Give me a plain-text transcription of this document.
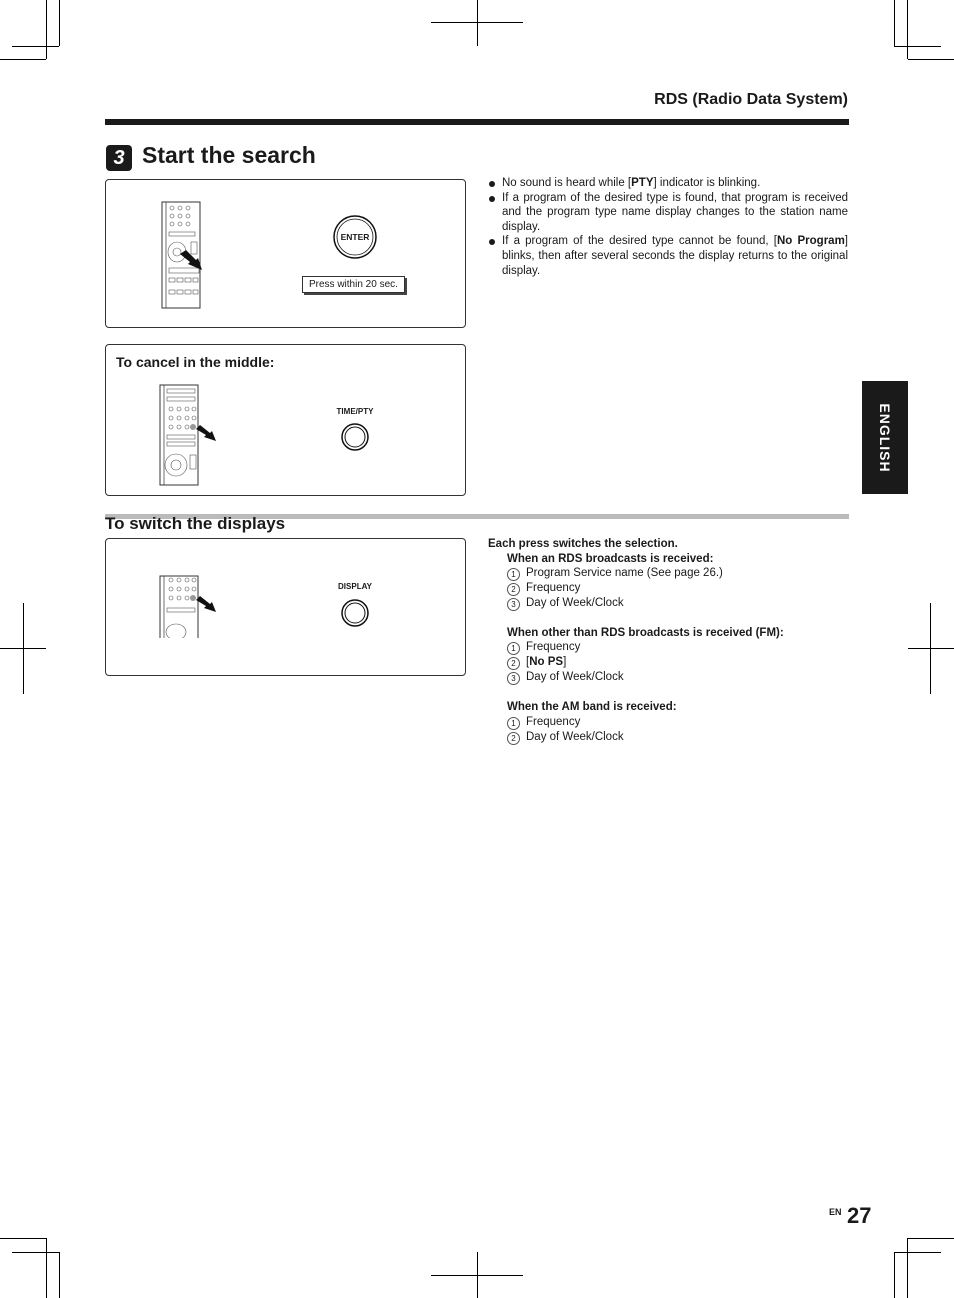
RDS (Radio Data System)
3 Start the search
ENTER
Press within 20 sec.
No sound is heard while [PTY] indicator is blinking.
If a program of the desired type is found, that program is received and the program type name display changes to the station name display.
If a program of the desired type cannot be found, [No Program] blinks, then after several seconds the display returns to the original display.
To cancel in the middle:
TIME/PTY	ENGLISH
To switch the displays
DISPLAY
Each press switches the selection.
When an RDS broadcasts is received:
1 Program Service name (See page 26.)
2 Frequency
3 Day of Week/Clock
When other than RDS broadcasts is received (FM):
1 Frequency
2 [No PS]
3 Day of Week/Clock
When the AM band is received:
1 Frequency
2 Day of Week/Clock
EN 27
